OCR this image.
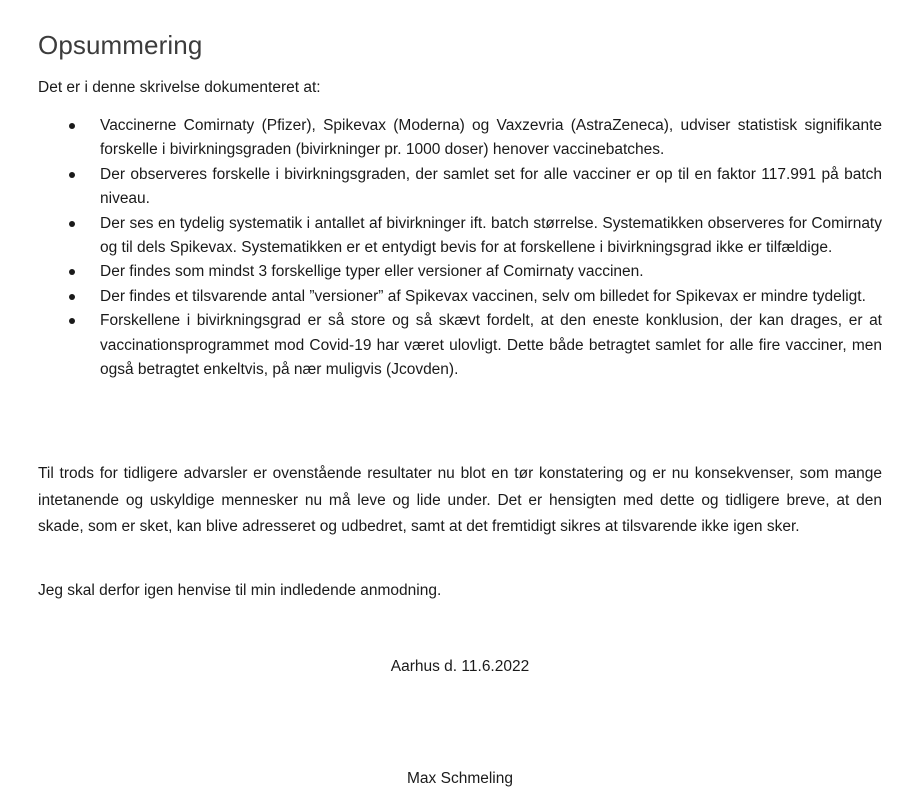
Opsummering

Det er i denne skrivelse dokumenteret at:

Vaccinerne Comirnaty (Pfizer), Spikevax (Moderna) og Vaxzevria (AstraZeneca), udviser statistisk signifikante forskelle i bivirkningsgraden (bivirkninger pr. 1000 doser) henover vaccinebatches.
Der observeres forskelle i bivirkningsgraden, der samlet set for alle vacciner er op til en faktor 117.991 på batch niveau.
Der ses en tydelig systematik i antallet af bivirkninger ift. batch størrelse. Systematikken observeres for Comirnaty og til dels Spikevax. Systematikken er et entydigt bevis for at forskellene i bivirkningsgrad ikke er tilfældige.
Der findes som mindst 3 forskellige typer eller versioner af Comirnaty vaccinen.
Der findes et tilsvarende antal ”versioner” af Spikevax vaccinen, selv om billedet for Spikevax er mindre tydeligt.
Forskellene i bivirkningsgrad er så store og så skævt fordelt, at den eneste konklusion, der kan drages, er at vaccinationsprogrammet mod Covid-19 har været ulovligt. Dette både betragtet samlet for alle fire vacciner, men også betragtet enkeltvis, på nær muligvis (Jcovden).

Til trods for tidligere advarsler er ovenstående resultater nu blot en tør konstatering og er nu konsekvenser, som mange intetanende og uskyldige mennesker nu må leve og lide under. Det er hensigten med dette og tidligere breve, at den skade, som er sket, kan blive adresseret og udbedret, samt at det fremtidigt sikres at tilsvarende ikke igen sker.

Jeg skal derfor igen henvise til min indledende anmodning.

Aarhus d. 11.6.2022

Max Schmeling
